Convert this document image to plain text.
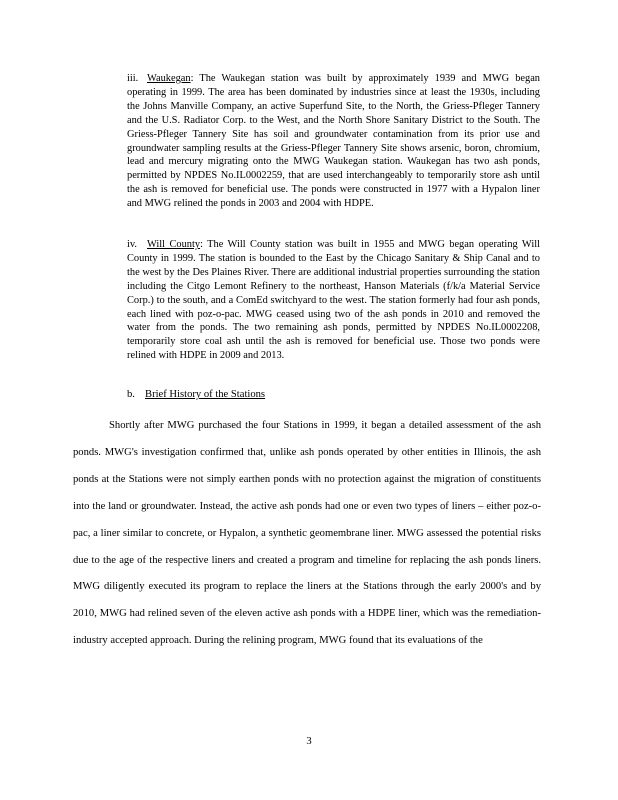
iii. Waukegan: The Waukegan station was built by approximately 1939 and MWG began operating in 1999. The area has been dominated by industries since at least the 1930s, including the Johns Manville Company, an active Superfund Site, to the North, the Griess-Pfleger Tannery and the U.S. Radiator Corp. to the West, and the North Shore Sanitary District to the South. The Griess-Pfleger Tannery Site has soil and groundwater contamination from its prior use and groundwater sampling results at the Griess-Pfleger Tannery Site shows arsenic, boron, chromium, lead and mercury migrating onto the MWG Waukegan station. Waukegan has two ash ponds, permitted by NPDES No.IL0002259, that are used interchangeably to temporarily store ash until the ash is removed for beneficial use. The ponds were constructed in 1977 with a Hypalon liner and MWG relined the ponds in 2003 and 2004 with HDPE.
iv. Will County: The Will County station was built in 1955 and MWG began operating Will County in 1999. The station is bounded to the East by the Chicago Sanitary & Ship Canal and to the west by the Des Plaines River. There are additional industrial properties surrounding the station including the Citgo Lemont Refinery to the northeast, Hanson Materials (f/k/a Material Service Corp.) to the south, and a ComEd switchyard to the west. The station formerly had four ash ponds, each lined with poz-o-pac. MWG ceased using two of the ash ponds in 2010 and removed the water from the ponds. The two remaining ash ponds, permitted by NPDES No.IL0002208, temporarily store coal ash until the ash is removed for beneficial use. Those two ponds were relined with HDPE in 2009 and 2013.
b. Brief History of the Stations
Shortly after MWG purchased the four Stations in 1999, it began a detailed assessment of the ash ponds. MWG's investigation confirmed that, unlike ash ponds operated by other entities in Illinois, the ash ponds at the Stations were not simply earthen ponds with no protection against the migration of constituents into the land or groundwater. Instead, the active ash ponds had one or even two types of liners – either poz-o-pac, a liner similar to concrete, or Hypalon, a synthetic geomembrane liner. MWG assessed the potential risks due to the age of the respective liners and created a program and timeline for replacing the ash ponds liners. MWG diligently executed its program to replace the liners at the Stations through the early 2000's and by 2010, MWG had relined seven of the eleven active ash ponds with a HDPE liner, which was the remediation-industry accepted approach. During the relining program, MWG found that its evaluations of the
3
